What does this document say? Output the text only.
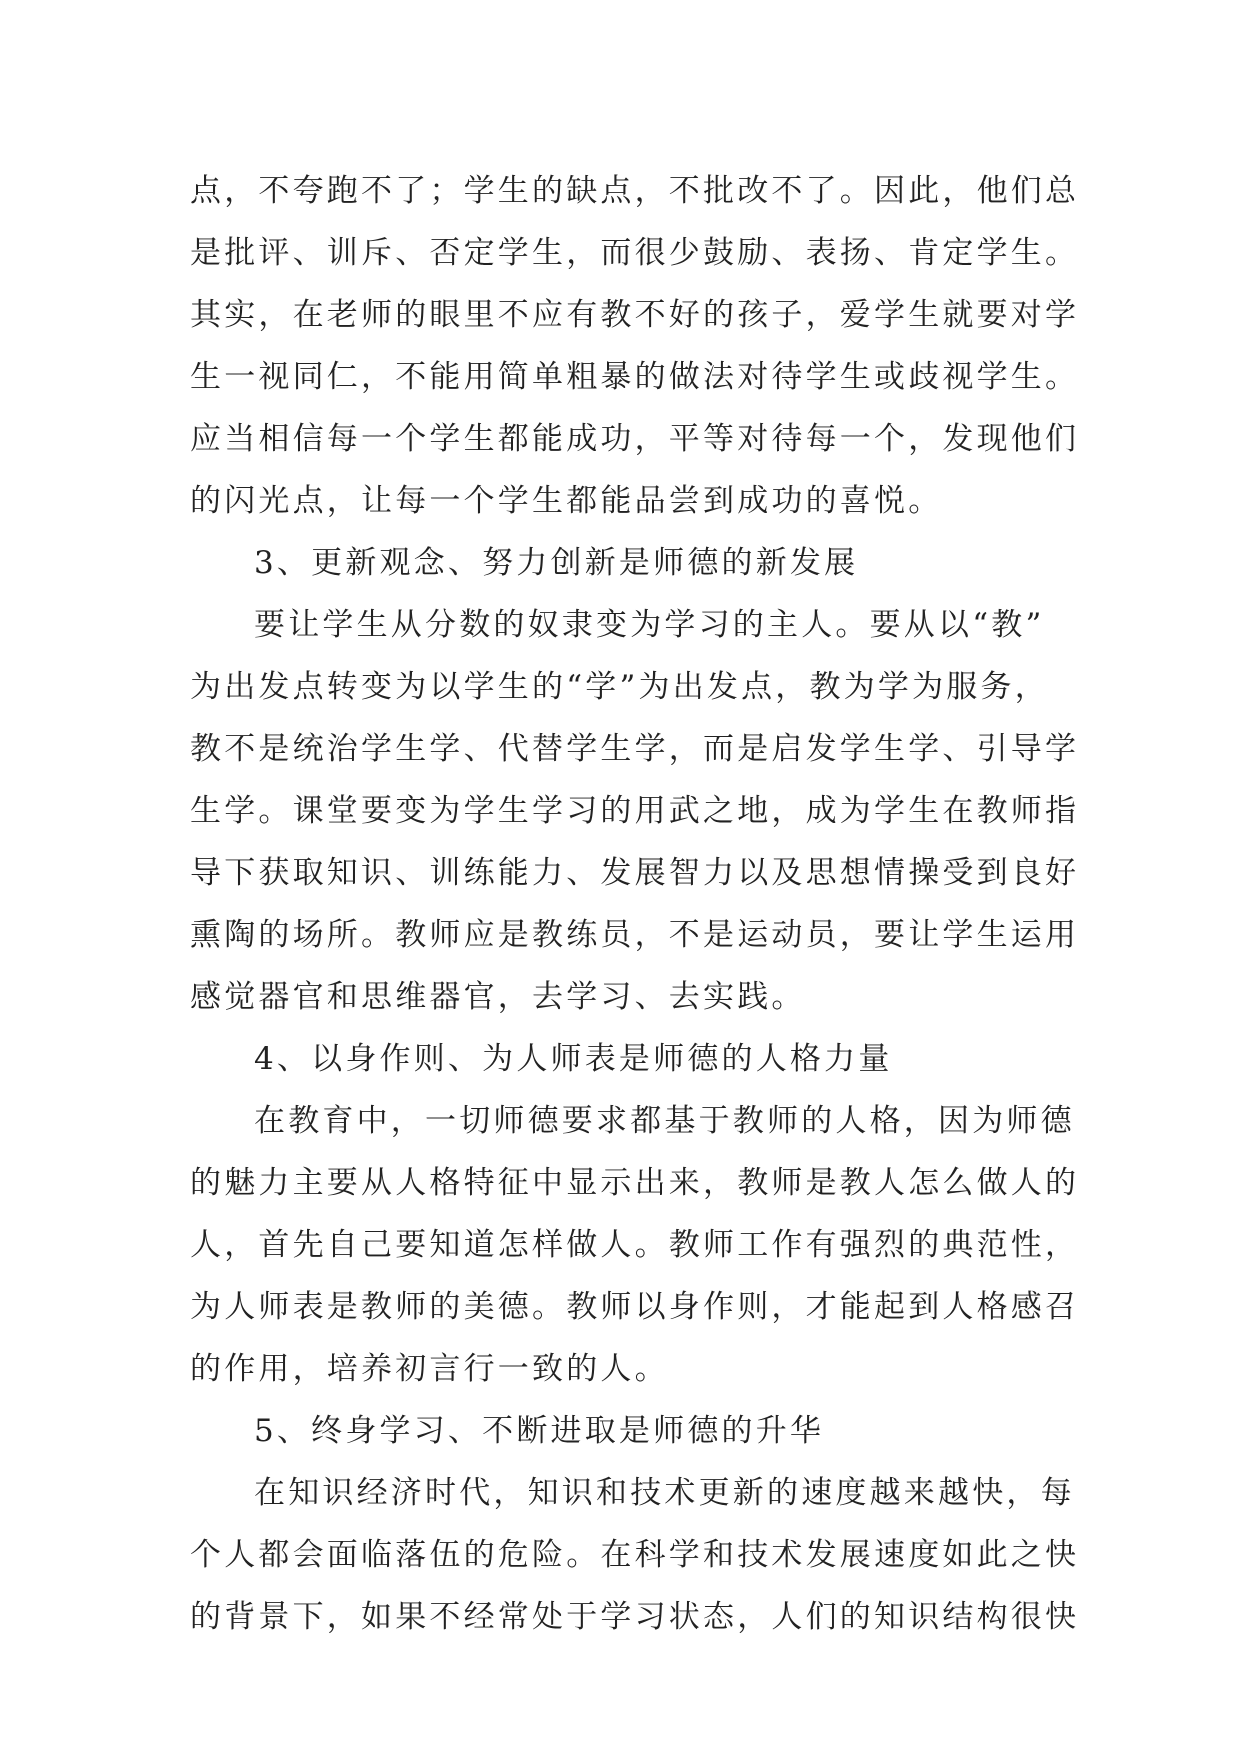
点，不夸跑不了；学生的缺点，不批改不了。因此，他们总
是批评、训斥、否定学生，而很少鼓励、表扬、肯定学生。
其实，在老师的眼里不应有教不好的孩子，爱学生就要对学
生一视同仁，不能用简单粗暴的做法对待学生或歧视学生。
应当相信每一个学生都能成功，平等对待每一个，发现他们
的闪光点，让每一个学生都能品尝到成功的喜悦。
3、更新观念、努力创新是师德的新发展
要让学生从分数的奴隶变为学习的主人。要从以“教”
为出发点转变为以学生的“学”为出发点，教为学为服务，
教不是统治学生学、代替学生学，而是启发学生学、引导学
生学。课堂要变为学生学习的用武之地，成为学生在教师指
导下获取知识、训练能力、发展智力以及思想情操受到良好
熏陶的场所。教师应是教练员，不是运动员，要让学生运用
感觉器官和思维器官，去学习、去实践。
4、以身作则、为人师表是师德的人格力量
在教育中，一切师德要求都基于教师的人格，因为师德
的魅力主要从人格特征中显示出来，教师是教人怎么做人的
人，首先自己要知道怎样做人。教师工作有强烈的典范性，
为人师表是教师的美德。教师以身作则，才能起到人格感召
的作用，培养初言行一致的人。
5、终身学习、不断进取是师德的升华
在知识经济时代，知识和技术更新的速度越来越快，每
个人都会面临落伍的危险。在科学和技术发展速度如此之快
的背景下，如果不经常处于学习状态，人们的知识结构很快
